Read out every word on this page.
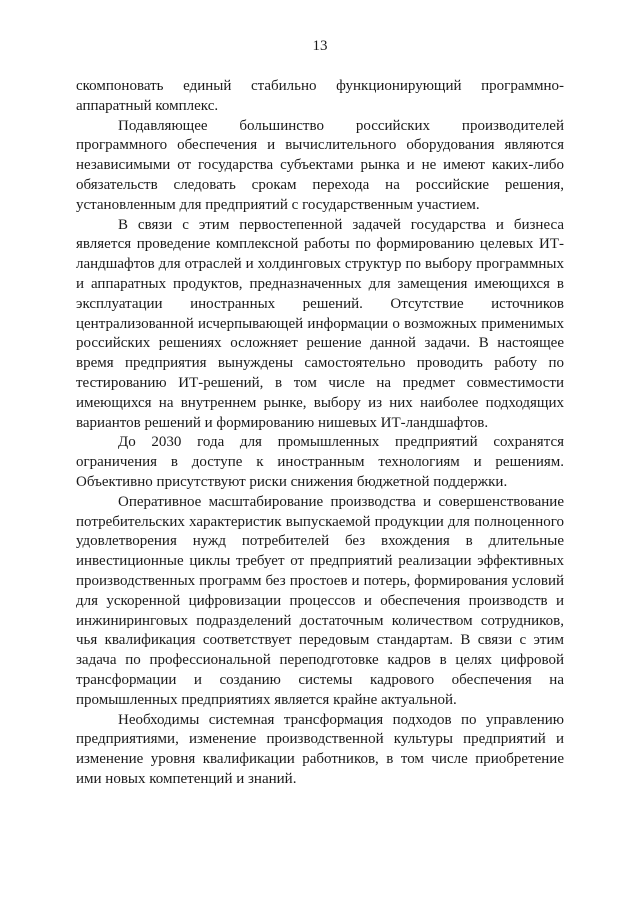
13

скомпоновать единый стабильно функционирующий программно-аппаратный комплекс.

Подавляющее большинство российских производителей программного обеспечения и вычислительного оборудования являются независимыми от государства субъектами рынка и не имеют каких-либо обязательств следовать срокам перехода на российские решения, установленным для предприятий с государственным участием.

В связи с этим первостепенной задачей государства и бизнеса является проведение комплексной работы по формированию целевых ИТ-ландшафтов для отраслей и холдинговых структур по выбору программных и аппаратных продуктов, предназначенных для замещения имеющихся в эксплуатации иностранных решений. Отсутствие источников централизованной исчерпывающей информации о возможных применимых российских решениях осложняет решение данной задачи. В настоящее время предприятия вынуждены самостоятельно проводить работу по тестированию ИТ-решений, в том числе на предмет совместимости имеющихся на внутреннем рынке, выбору из них наиболее подходящих вариантов решений и формированию нишевых ИТ-ландшафтов.

До 2030 года для промышленных предприятий сохранятся ограничения в доступе к иностранным технологиям и решениям. Объективно присутствуют риски снижения бюджетной поддержки.

Оперативное масштабирование производства и совершенствование потребительских характеристик выпускаемой продукции для полноценного удовлетворения нужд потребителей без вхождения в длительные инвестиционные циклы требует от предприятий реализации эффективных производственных программ без простоев и потерь, формирования условий для ускоренной цифровизации процессов и обеспечения производств и инжиниринговых подразделений достаточным количеством сотрудников, чья квалификация соответствует передовым стандартам. В связи с этим задача по профессиональной переподготовке кадров в целях цифровой трансформации и созданию системы кадрового обеспечения на промышленных предприятиях является крайне актуальной.

Необходимы системная трансформация подходов по управлению предприятиями, изменение производственной культуры предприятий и изменение уровня квалификации работников, в том числе приобретение ими новых компетенций и знаний.
